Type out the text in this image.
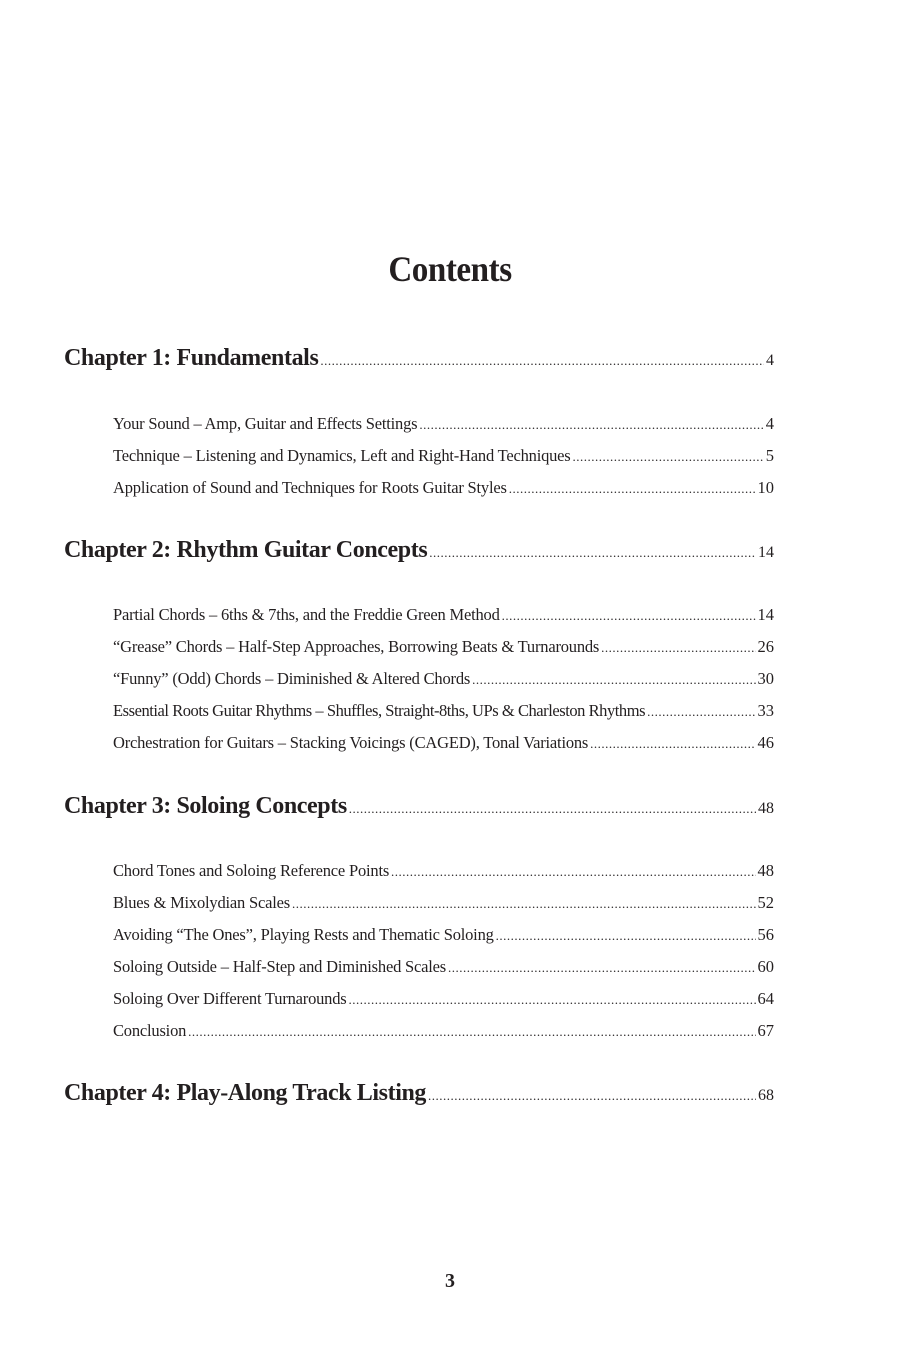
Contents
Chapter 1: Fundamentals .....	4
Your Sound – Amp, Guitar and Effects Settings .....	4
Technique – Listening and Dynamics, Left and Right-Hand Techniques .....	5
Application of Sound and Techniques for Roots Guitar Styles .....	10
Chapter 2: Rhythm Guitar Concepts .....	14
Partial Chords – 6ths & 7ths, and the Freddie Green Method .....	14
“Grease” Chords – Half-Step Approaches, Borrowing Beats & Turnarounds .....	26
“Funny” (Odd) Chords – Diminished & Altered Chords .....	30
Essential Roots Guitar Rhythms – Shuffles, Straight-8ths, UPs & Charleston Rhythms .....	33
Orchestration for Guitars – Stacking Voicings (CAGED), Tonal Variations .....	46
Chapter 3: Soloing Concepts .....	48
Chord Tones and Soloing Reference Points .....	48
Blues & Mixolydian Scales .....	52
Avoiding “The Ones”, Playing Rests and Thematic Soloing .....	56
Soloing Outside – Half-Step and Diminished Scales .....	60
Soloing Over Different Turnarounds .....	64
Conclusion .....	67
Chapter 4: Play-Along Track Listing .....	68
3
